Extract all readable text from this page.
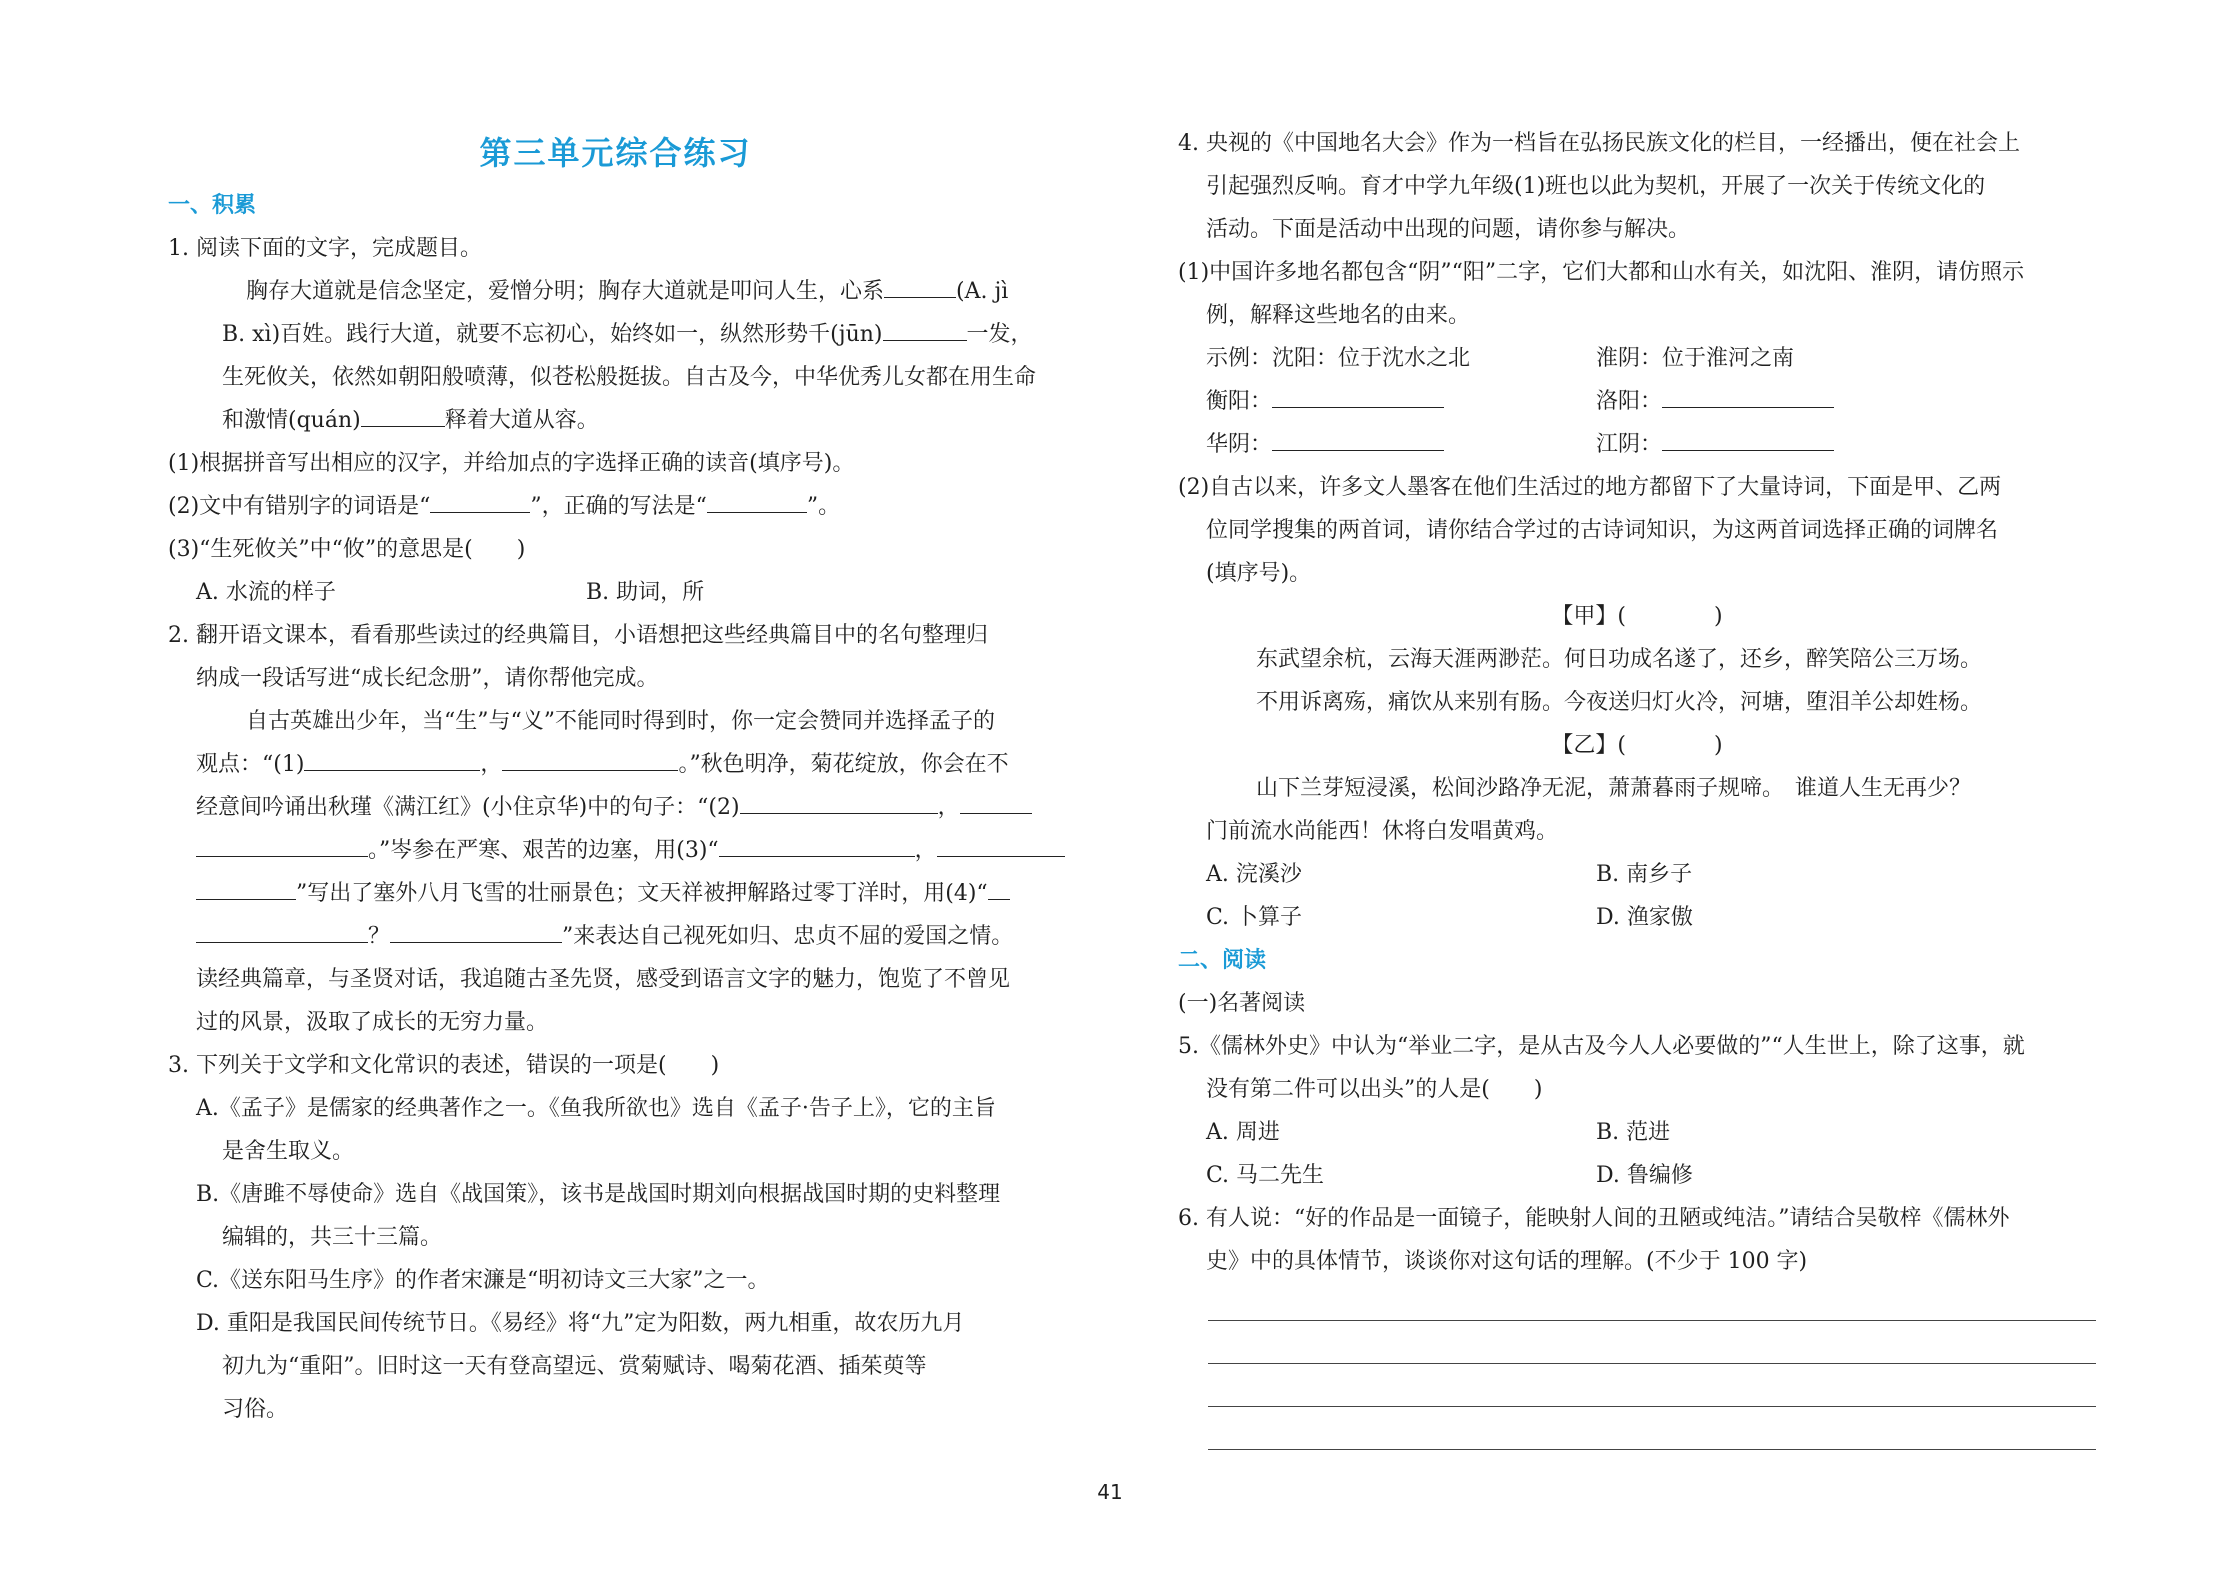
第三单元综合练习
一、积累
1. 阅读下面的文字，完成题目。
胸存大道就是信念坚定，爱憎分明；胸存大道就是叩问人生，心系	(A. jì
B. xì)百姓。践行大道，就要不忘初心，始终如一，纵然形势千(jūn)	一发，
生死攸关，依然如朝阳般喷薄，似苍松般挺拔。自古及今，中华优秀儿女都在用生命
和激情(quán)	释着大道从容。
(1)根据拼音写出相应的汉字，并给加点的字选择正确的读音(填序号)。
(2)文中有错别字的词语是“	”，正确的写法是“	”。
(3)“生死攸关”中“攸”的意思是(　　)
A. 水流的样子	B. 助词，所
2. 翻开语文课本，看看那些读过的经典篇目，小语想把这些经典篇目中的名句整理归
纳成一段话写进“成长纪念册”，请你帮他完成。
自古英雄出少年，当“生”与“义”不能同时得到时，你一定会赞同并选择孟子的
观点：“(1)	，	。”秋色明净，菊花绽放，你会在不
经意间吟诵出秋瑾《满江红》(小住京华)中的句子：“(2)	，
。”岑参在严寒、艰苦的边塞，用(3)“	，
”写出了塞外八月飞雪的壮丽景色；文天祥被押解路过零丁洋时，用(4)“
？	”来表达自己视死如归、忠贞不屈的爱国之情。
读经典篇章，与圣贤对话，我追随古圣先贤，感受到语言文字的魅力，饱览了不曾见
过的风景，汲取了成长的无穷力量。
3. 下列关于文学和文化常识的表述，错误的一项是(　　)
A.《孟子》是儒家的经典著作之一。《鱼我所欲也》选自《孟子·告子上》，它的主旨
是舍生取义。
B.《唐雎不辱使命》选自《战国策》，该书是战国时期刘向根据战国时期的史料整理
编辑的，共三十三篇。
C.《送东阳马生序》的作者宋濂是“明初诗文三大家”之一。
D. 重阳是我国民间传统节日。《易经》将“九”定为阳数，两九相重，故农历九月
初九为“重阳”。旧时这一天有登高望远、赏菊赋诗、喝菊花酒、插茱萸等
习俗。
4. 央视的《中国地名大会》作为一档旨在弘扬民族文化的栏目，一经播出，便在社会上
引起强烈反响。育才中学九年级(1)班也以此为契机，开展了一次关于传统文化的
活动。下面是活动中出现的问题，请你参与解决。
(1)中国许多地名都包含“阴”“阳”二字，它们大都和山水有关，如沈阳、淮阴，请仿照示
例，解释这些地名的由来。
示例：沈阳：位于沈水之北	淮阴：位于淮河之南
衡阳：	洛阳：
华阴：	江阴：
(2)自古以来，许多文人墨客在他们生活过的地方都留下了大量诗词，下面是甲、乙两
位同学搜集的两首词，请你结合学过的古诗词知识，为这两首词选择正确的词牌名
(填序号)。
【甲】(　　　　)
东武望余杭，云海天涯两渺茫。何日功成名遂了，还乡，醉笑陪公三万场。
不用诉离殇，痛饮从来别有肠。今夜送归灯火冷，河塘，堕泪羊公却姓杨。
【乙】(　　　　)
山下兰芽短浸溪，松间沙路净无泥，萧萧暮雨子规啼。　谁道人生无再少？
门前流水尚能西！休将白发唱黄鸡。
A. 浣溪沙	B. 南乡子
C. 卜算子	D. 渔家傲
二、阅读
(一)名著阅读
5.《儒林外史》中认为“举业二字，是从古及今人人必要做的”“人生世上，除了这事，就
没有第二件可以出头”的人是(　　)
A. 周进	B. 范进
C. 马二先生	D. 鲁编修
6. 有人说：“好的作品是一面镜子，能映射人间的丑陋或纯洁。”请结合吴敬梓《儒林外
史》中的具体情节，谈谈你对这句话的理解。(不少于 100 字)
41
